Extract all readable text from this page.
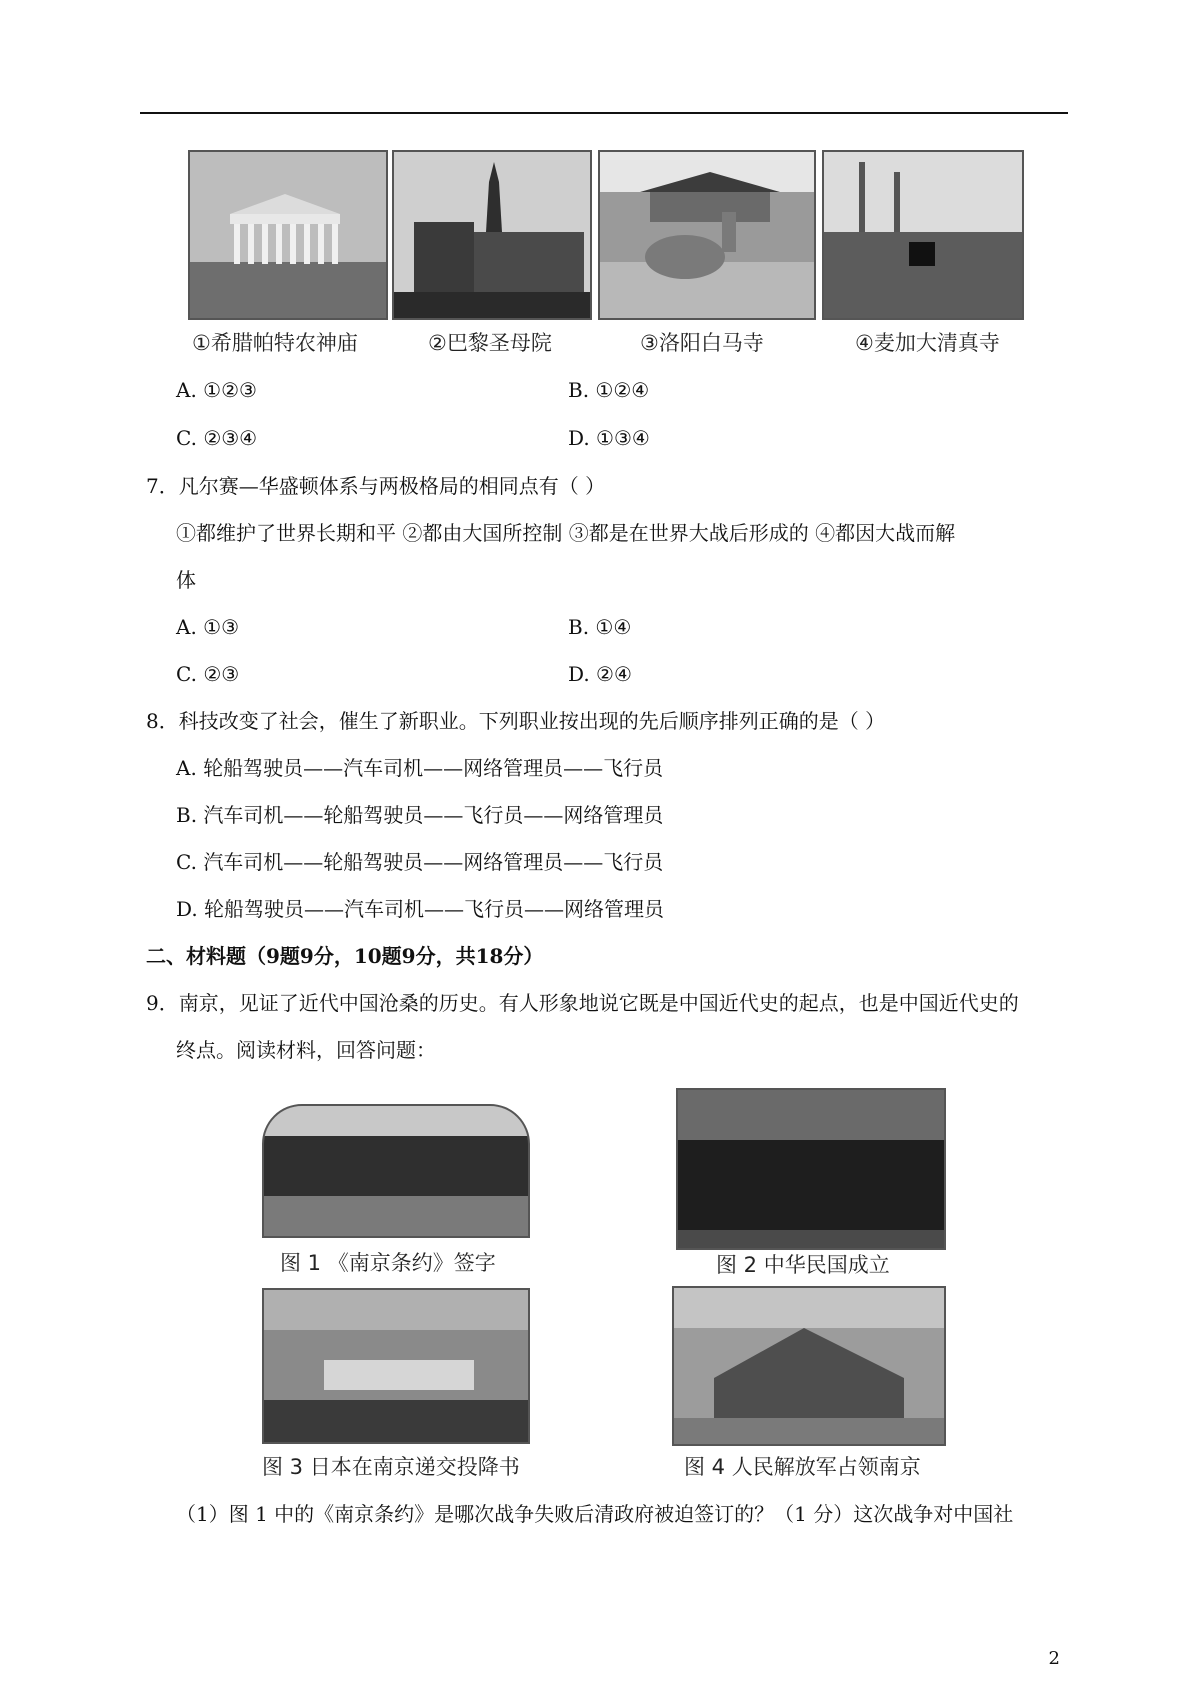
①希腊帕特农神庙	②巴黎圣母院	③洛阳白马寺	④麦加大清真寺
A. ①②③	B. ①②④
C. ②③④	D. ①③④
7．凡尔赛—华盛顿体系与两极格局的相同点有（ ）
①都维护了世界长期和平 ②都由大国所控制 ③都是在世界大战后形成的 ④都因大战而解
体
A. ①③	B. ①④
C. ②③	D. ②④
8．科技改变了社会，催生了新职业。下列职业按出现的先后顺序排列正确的是（ ）
A. 轮船驾驶员——汽车司机——网络管理员——飞行员
B. 汽车司机——轮船驾驶员——飞行员——网络管理员
C. 汽车司机——轮船驾驶员——网络管理员——飞行员
D. 轮船驾驶员——汽车司机——飞行员——网络管理员
二、材料题（9题9分，10题9分，共18分）
9．南京，见证了近代中国沧桑的历史。有人形象地说它既是中国近代史的起点，也是中国近代史的
终点。阅读材料，回答问题：
图 1 《南京条约》签字	图 2 中华民国成立
图 3 日本在南京递交投降书	图 4 人民解放军占领南京
（1）图 1 中的《南京条约》是哪次战争失败后清政府被迫签订的？（1 分）这次战争对中国社
2
